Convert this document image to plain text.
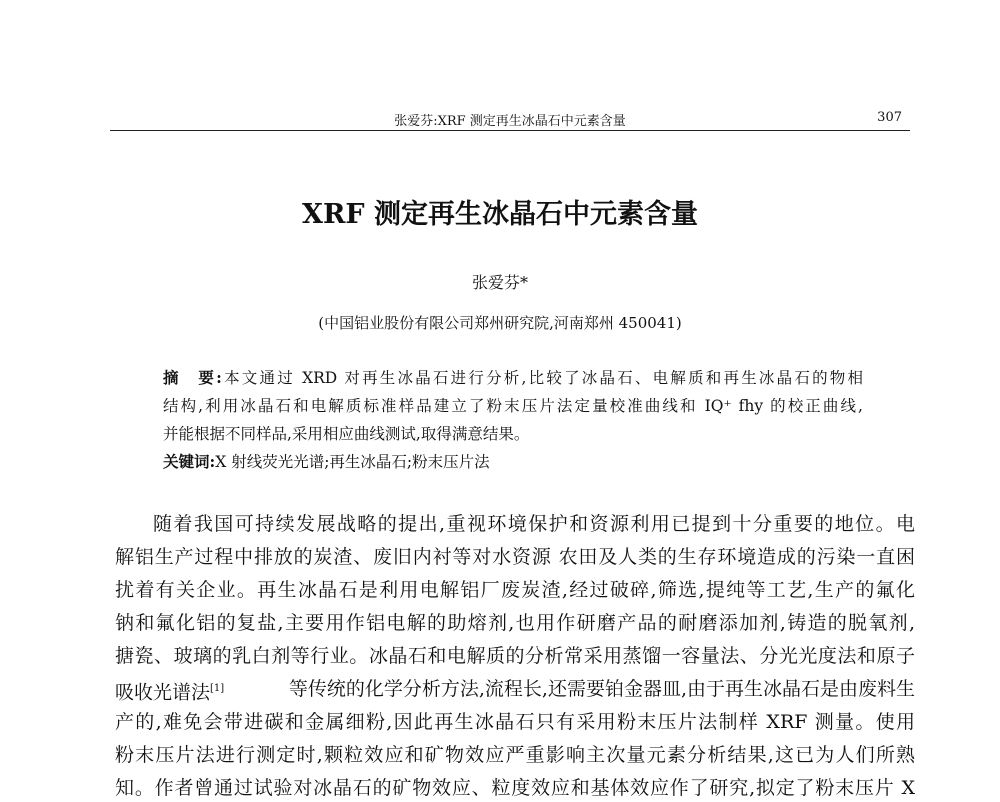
张爱芬:XRF 测定再生冰晶石中元素含量	307
XRF 测定再生冰晶石中元素含量
张爱芬*
(中国铝业股份有限公司郑州研究院,河南郑州 450041)
摘　要:本文通过 XRD 对再生冰晶石进行分析,比较了冰晶石、电解质和再生冰晶石的物相
结构,利用冰晶石和电解质标准样品建立了粉末压片法定量校准曲线和 IQ⁺ fhy 的校正曲线,
并能根据不同样品,采用相应曲线测试,取得满意结果。
关键词:X 射线荧光光谱;再生冰晶石;粉末压片法
随着我国可持续发展战略的提出,重视环境保护和资源利用已提到十分重要的地位。电
解铝生产过程中排放的炭渣、废旧内衬等对水资源 农田及人类的生存环境造成的污染一直困
扰着有关企业。再生冰晶石是利用电解铝厂废炭渣,经过破碎,筛选,提纯等工艺,生产的氟化
钠和氟化铝的复盐,主要用作铝电解的助熔剂,也用作研磨产品的耐磨添加剂,铸造的脱氧剂,
搪瓷、玻璃的乳白剂等行业。冰晶石和电解质的分析常采用蒸馏一容量法、分光光度法和原子
吸收光谱法[1]	等传统的化学分析方法,流程长,还需要铂金器皿,由于再生冰晶石是由废料生
产的,难免会带进碳和金属细粉,因此再生冰晶石只有采用粉末压片法制样 XRF 测量。使用
粉末压片法进行测定时,颗粒效应和矿物效应严重影响主次量元素分析结果,这已为人们所熟
知。作者曾通过试验对冰晶石的矿物效应、粒度效应和基体效应作了研究,拟定了粉末压片 X
